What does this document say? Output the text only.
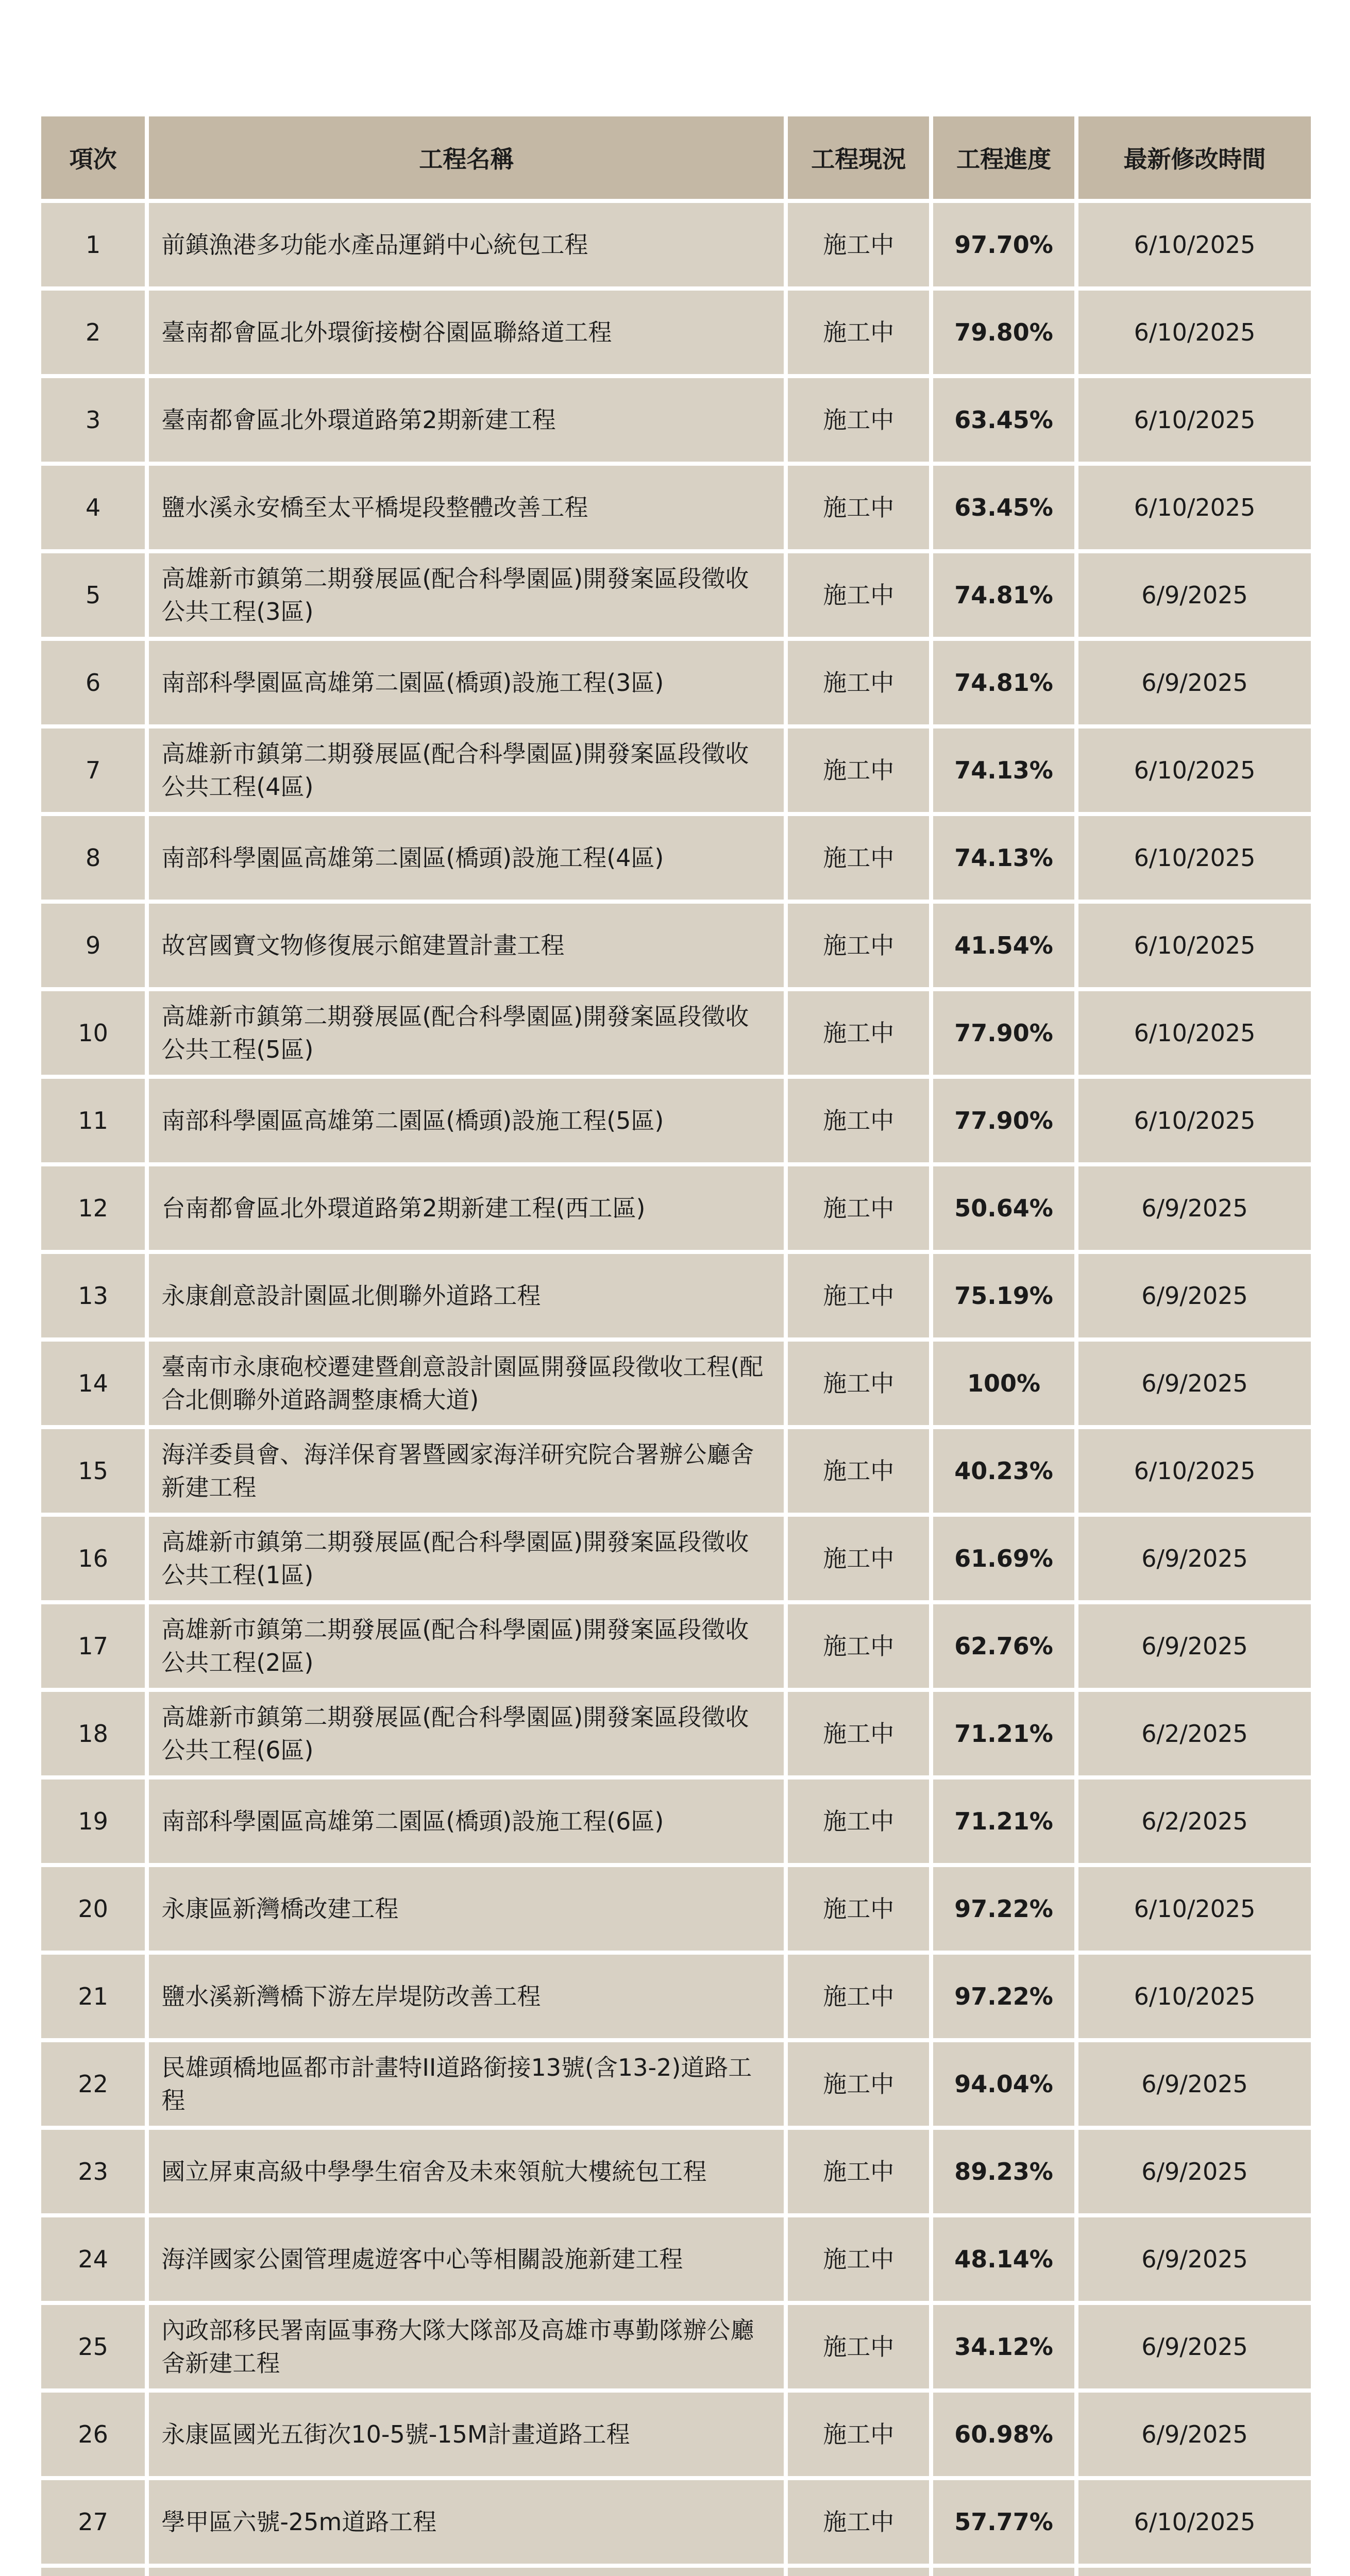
項次	工程名稱	工程現況	工程進度	最新修改時間
1	前鎮漁港多功能水產品運銷中心統包工程	施工中	97.70%	6/10/2025
2	臺南都會區北外環銜接樹谷園區聯絡道工程	施工中	79.80%	6/10/2025
3	臺南都會區北外環道路第2期新建工程	施工中	63.45%	6/10/2025
4	鹽水溪永安橋至太平橋堤段整體改善工程	施工中	63.45%	6/10/2025
5	高雄新市鎮第二期發展區(配合科學園區)開發案區段徵收公共工程(3區)	施工中	74.81%	6/9/2025
6	南部科學園區高雄第二園區(橋頭)設施工程(3區)	施工中	74.81%	6/9/2025
7	高雄新市鎮第二期發展區(配合科學園區)開發案區段徵收公共工程(4區)	施工中	74.13%	6/10/2025
8	南部科學園區高雄第二園區(橋頭)設施工程(4區)	施工中	74.13%	6/10/2025
9	故宮國寶文物修復展示館建置計畫工程	施工中	41.54%	6/10/2025
10	高雄新市鎮第二期發展區(配合科學園區)開發案區段徵收公共工程(5區)	施工中	77.90%	6/10/2025
11	南部科學園區高雄第二園區(橋頭)設施工程(5區)	施工中	77.90%	6/10/2025
12	台南都會區北外環道路第2期新建工程(西工區)	施工中	50.64%	6/9/2025
13	永康創意設計園區北側聯外道路工程	施工中	75.19%	6/9/2025
14	臺南市永康砲校遷建暨創意設計園區開發區段徵收工程(配合北側聯外道路調整康橋大道)	施工中	100%	6/9/2025
15	海洋委員會、海洋保育署暨國家海洋研究院合署辦公廳舍新建工程	施工中	40.23%	6/10/2025
16	高雄新市鎮第二期發展區(配合科學園區)開發案區段徵收公共工程(1區)	施工中	61.69%	6/9/2025
17	高雄新市鎮第二期發展區(配合科學園區)開發案區段徵收公共工程(2區)	施工中	62.76%	6/9/2025
18	高雄新市鎮第二期發展區(配合科學園區)開發案區段徵收公共工程(6區)	施工中	71.21%	6/2/2025
19	南部科學園區高雄第二園區(橋頭)設施工程(6區)	施工中	71.21%	6/2/2025
20	永康區新灣橋改建工程	施工中	97.22%	6/10/2025
21	鹽水溪新灣橋下游左岸堤防改善工程	施工中	97.22%	6/10/2025
22	民雄頭橋地區都市計畫特II道路銜接13號(含13-2)道路工程	施工中	94.04%	6/9/2025
23	國立屏東高級中學學生宿舍及未來領航大樓統包工程	施工中	89.23%	6/9/2025
24	海洋國家公園管理處遊客中心等相關設施新建工程	施工中	48.14%	6/9/2025
25	內政部移民署南區事務大隊大隊部及高雄市專勤隊辦公廳舍新建工程	施工中	34.12%	6/9/2025
26	永康區國光五街次10-5號-15M計畫道路工程	施工中	60.98%	6/9/2025
27	學甲區六號-25m道路工程	施工中	57.77%	6/10/2025
